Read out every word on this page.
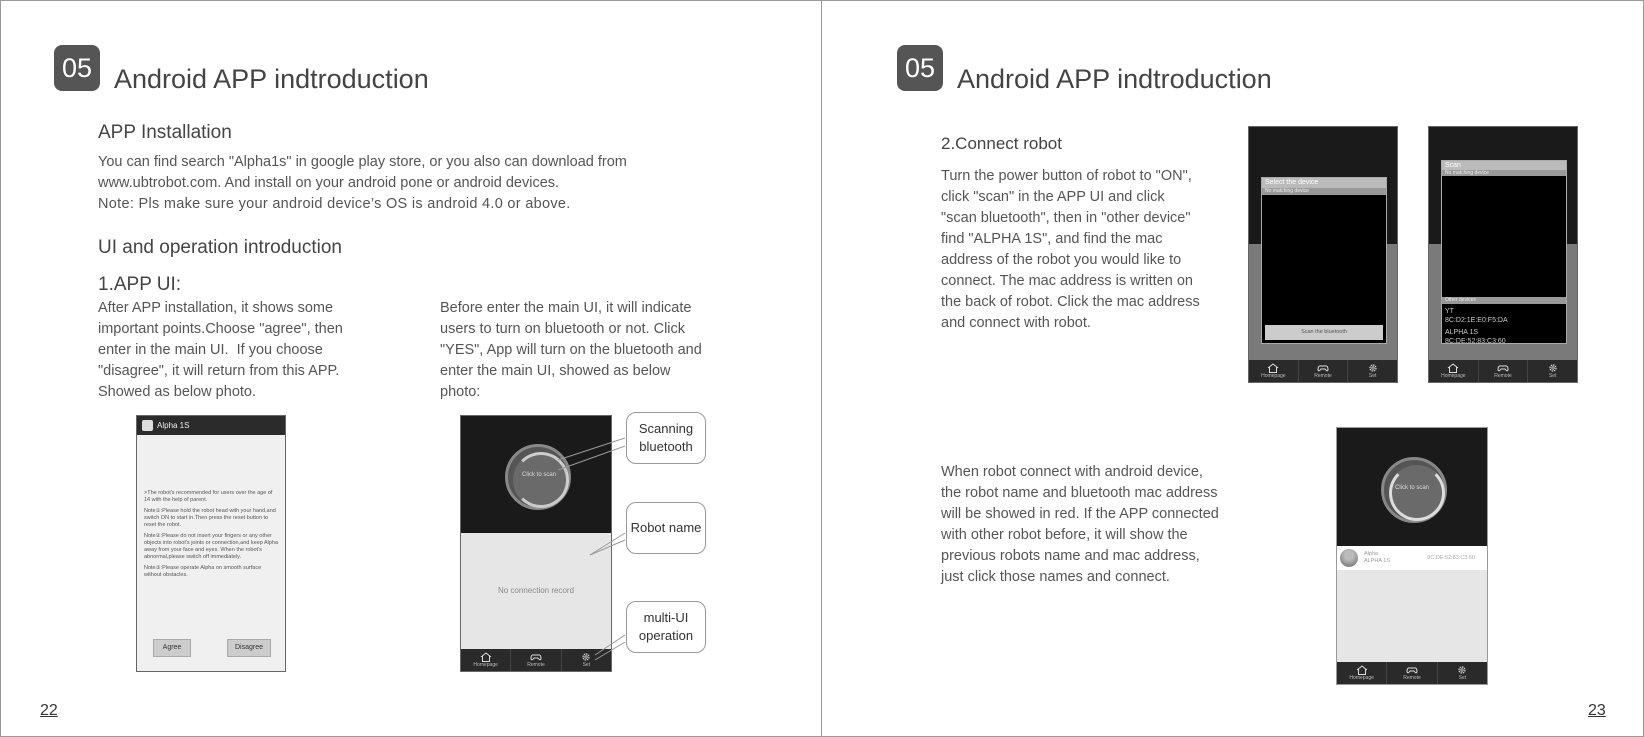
05 Android APP indtroduction
APP Installation
You can find search "Alpha1s" in google play store, or you also can download from
www.ubtrobot.com. And install on your android pone or android devices.
Note: Pls make sure your android device’s OS is android 4.0 or above.
UI and operation introduction
1.APP UI:
After APP installation, it shows some
important points.Choose "agree", then
enter in the main UI.  If you choose
"disagree", it will return from this APP.
Showed as below photo.
Before enter the main UI, it will indicate
users to turn on bluetooth or not. Click
"YES", App will turn on the bluetooth and
enter the main UI, showed as below
photo:
Alpha 1S
>The robot's recommended for users over the age of 14 with the help of parent.
Note①:Please hold the robot head with your hand,and switch ON to start in.Then press the reset button to reset the robot.
Note②:Please do not insert your fingers or any other objects into robot's joints or connection,and keep Alpha away from your face and eyes. When the robot's abnormal,please switch off immediately.
Note③:Please operate Alpha on smooth surface without obstacles.
Agree	Disagree
Click to scan
No connection record
Homepage	Remote	Set
Scanning
bluetooth
Robot name
multi-UI
operation
22
05 Android APP indtroduction
2.Connect robot
Turn the power button of robot to "ON",
click "scan" in the APP UI and click
"scan bluetooth", then in "other device"
find "ALPHA 1S", and find the mac
address of the robot you would like to
connect. The mac address is written on
the back of robot. Click the mac address
and connect with robot.
Select the device
No matching device
Scan the bluetooth
Homepage	Remote	Set
Scan
No matching device
Other devices
YT
8C:D2:1E:E0:F5:DA
ALPHA 1S
8C:DE:52:83:C3:60
Homepage	Remote	Set
When robot connect with android device,
the robot name and bluetooth mac address
will be showed in red. If the APP connected
with other robot before, it will show the
previous robots name and mac address,
just click those names and connect.
Click to scan
Alpha
ALPHA 1S	8C:DE:52:83:C3:60
Homepage	Remote	Set
23
